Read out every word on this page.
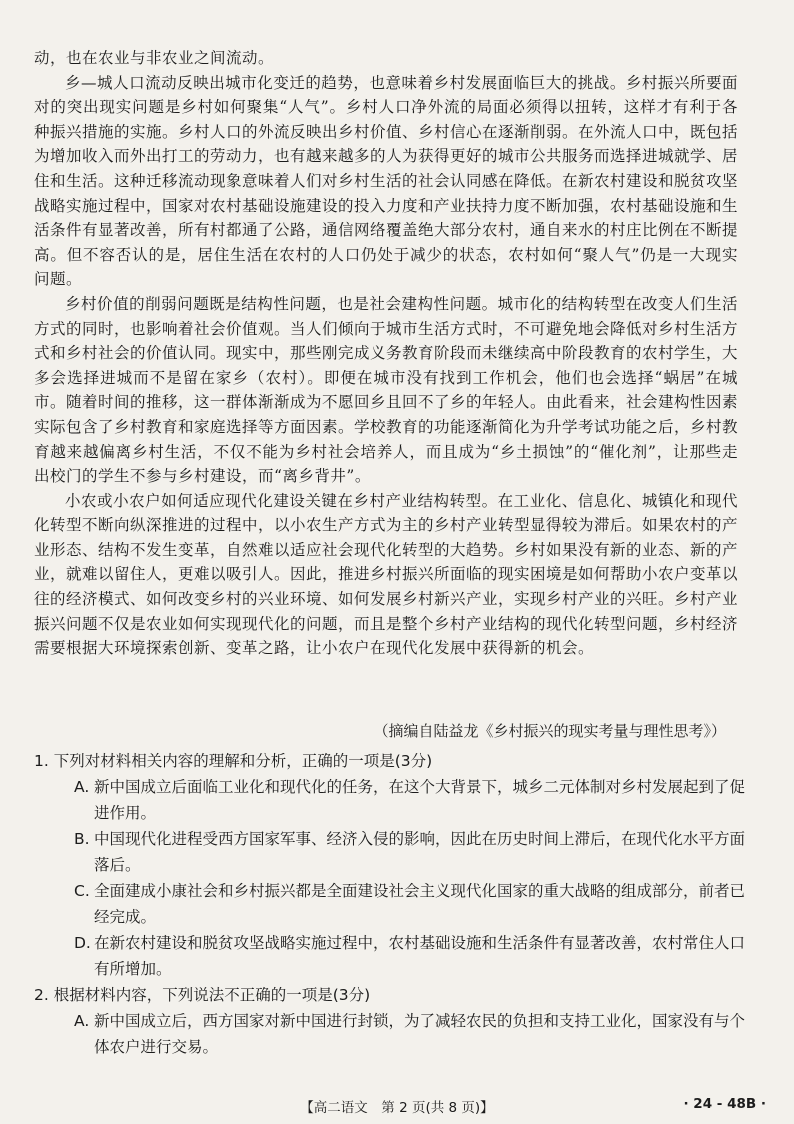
动，也在农业与非农业之间流动。

乡—城人口流动反映出城市化变迁的趋势，也意味着乡村发展面临巨大的挑战。乡村振兴所要面对的突出现实问题是乡村如何聚集“人气”。乡村人口净外流的局面必须得以扭转，这样才有利于各种振兴措施的实施。乡村人口的外流反映出乡村价值、乡村信心在逐渐削弱。在外流人口中，既包括为增加收入而外出打工的劳动力，也有越来越多的人为获得更好的城市公共服务而选择进城就学、居住和生活。这种迁移流动现象意味着人们对乡村生活的社会认同感在降低。在新农村建设和脱贫攻坚战略实施过程中，国家对农村基础设施建设的投入力度和产业扶持力度不断加强，农村基础设施和生活条件有显著改善，所有村都通了公路，通信网络覆盖绝大部分农村，通自来水的村庄比例在不断提高。但不容否认的是，居住生活在农村的人口仍处于减少的状态，农村如何“聚人气”仍是一大现实问题。

乡村价值的削弱问题既是结构性问题，也是社会建构性问题。城市化的结构转型在改变人们生活方式的同时，也影响着社会价值观。当人们倾向于城市生活方式时，不可避免地会降低对乡村生活方式和乡村社会的价值认同。现实中，那些刚完成义务教育阶段而未继续高中阶段教育的农村学生，大多会选择进城而不是留在家乡（农村）。即便在城市没有找到工作机会，他们也会选择“蜗居”在城市。随着时间的推移，这一群体渐渐成为不愿回乡且回不了乡的年轻人。由此看来，社会建构性因素实际包含了乡村教育和家庭选择等方面因素。学校教育的功能逐渐简化为升学考试功能之后，乡村教育越来越偏离乡村生活，不仅不能为乡村社会培养人，而且成为“乡土损蚀”的“催化剂”，让那些走出校门的学生不参与乡村建设，而“离乡背井”。

小农或小农户如何适应现代化建设关键在乡村产业结构转型。在工业化、信息化、城镇化和现代化转型不断向纵深推进的过程中，以小农生产方式为主的乡村产业转型显得较为滞后。如果农村的产业形态、结构不发生变革，自然难以适应社会现代化转型的大趋势。乡村如果没有新的业态、新的产业，就难以留住人，更难以吸引人。因此，推进乡村振兴所面临的现实困境是如何帮助小农户变革以往的经济模式、如何改变乡村的兴业环境、如何发展乡村新兴产业，实现乡村产业的兴旺。乡村产业振兴问题不仅是农业如何实现现代化的问题，而且是整个乡村产业结构的现代化转型问题，乡村经济需要根据大环境探索创新、变革之路，让小农户在现代化发展中获得新的机会。

（摘编自陆益龙《乡村振兴的现实考量与理性思考》）

1. 下列对材料相关内容的理解和分析，正确的一项是(3分)

A. 新中国成立后面临工业化和现代化的任务，在这个大背景下，城乡二元体制对乡村发展起到了促进作用。

B. 中国现代化进程受西方国家军事、经济入侵的影响，因此在历史时间上滞后，在现代化水平方面落后。

C. 全面建成小康社会和乡村振兴都是全面建设社会主义现代化国家的重大战略的组成部分，前者已经完成。

D. 在新农村建设和脱贫攻坚战略实施过程中，农村基础设施和生活条件有显著改善，农村常住人口有所增加。

2. 根据材料内容，下列说法不正确的一项是(3分)

A. 新中国成立后，西方国家对新中国进行封锁，为了减轻农民的负担和支持工业化，国家没有与个体农户进行交易。

【高二语文　第 2 页(共 8 页)】	· 24 - 48B ·
